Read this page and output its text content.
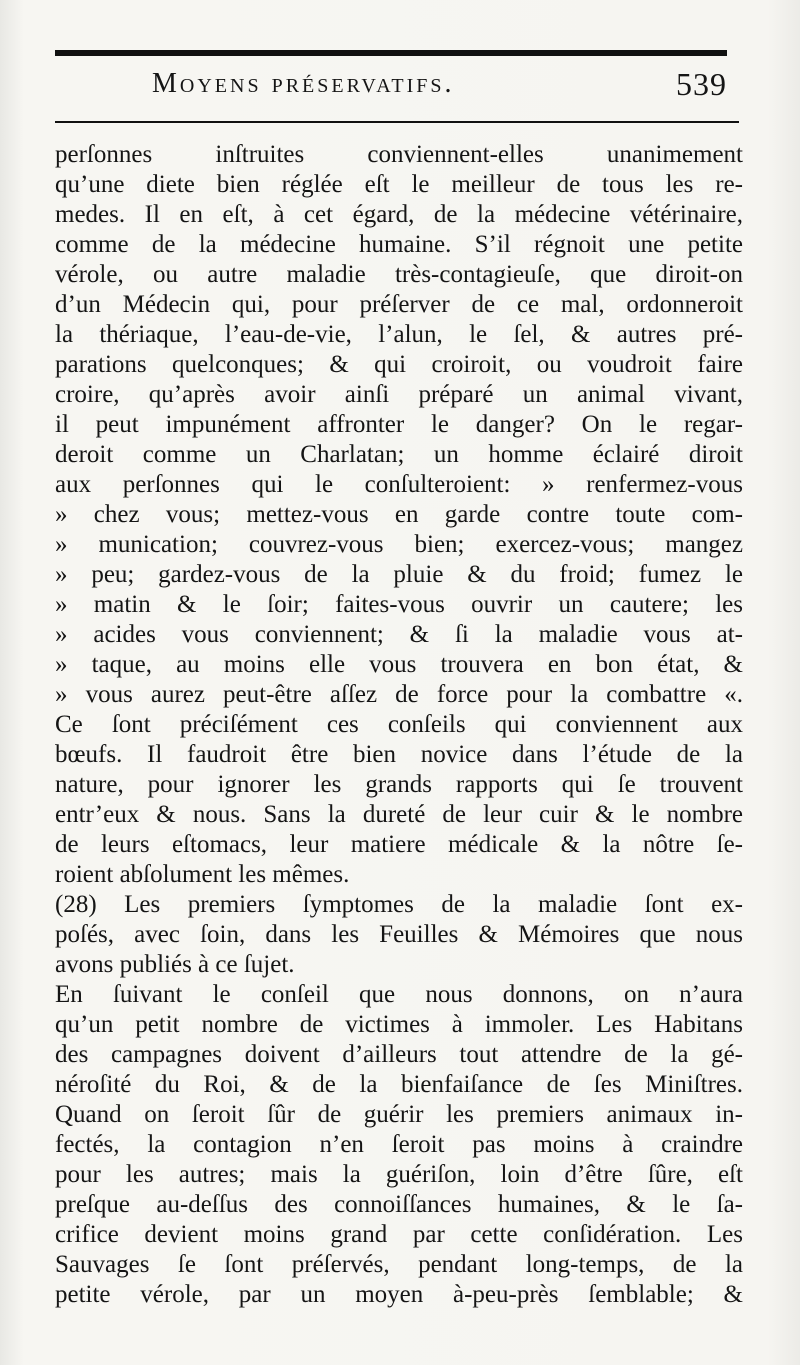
Moyens préservatifs.	539
perſonnes inſtruites conviennent-elles unanimement
qu’une diete bien réglée eſt le meilleur de tous les re-
medes. Il en eſt, à cet égard, de la médecine vétérinaire,
comme de la médecine humaine. S’il régnoit une petite
vérole, ou autre maladie très-contagieuſe, que diroit-on
d’un Médecin qui, pour préſerver de ce mal, ordonneroit
la thériaque, l’eau-de-vie, l’alun, le ſel, & autres pré-
parations quelconques; & qui croiroit, ou voudroit faire
croire, qu’après avoir ainſi préparé un animal vivant,
il peut impunément affronter le danger? On le regar-
deroit comme un Charlatan; un homme éclairé diroit
aux perſonnes qui le conſulteroient: » renfermez-vous
» chez vous; mettez-vous en garde contre toute com-
» munication; couvrez-vous bien; exercez-vous; mangez
» peu; gardez-vous de la pluie & du froid; fumez le
» matin & le ſoir; faites-vous ouvrir un cautere; les
» acides vous conviennent; & ſi la maladie vous at-
» taque, au moins elle vous trouvera en bon état, &
» vous aurez peut-être aſſez de force pour la combattre «.
Ce ſont préciſément ces conſeils qui conviennent aux
bœufs. Il faudroit être bien novice dans l’étude de la
nature, pour ignorer les grands rapports qui ſe trouvent
entr’eux & nous. Sans la dureté de leur cuir & le nombre
de leurs eſtomacs, leur matiere médicale & la nôtre ſe-
roient abſolument les mêmes.
(28) Les premiers ſymptomes de la maladie ſont ex-
poſés, avec ſoin, dans les Feuilles & Mémoires que nous
avons publiés à ce ſujet.
En ſuivant le conſeil que nous donnons, on n’aura
qu’un petit nombre de victimes à immoler. Les Habitans
des campagnes doivent d’ailleurs tout attendre de la gé-
néroſité du Roi, & de la bienfaiſance de ſes Miniſtres.
Quand on ſeroit ſûr de guérir les premiers animaux in-
fectés, la contagion n’en ſeroit pas moins à craindre
pour les autres; mais la guériſon, loin d’être ſûre, eſt
preſque au-deſſus des connoiſſances humaines, & le ſa-
crifice devient moins grand par cette conſidération. Les
Sauvages ſe ſont préſervés, pendant long-temps, de la
petite vérole, par un moyen à-peu-près ſemblable; &
